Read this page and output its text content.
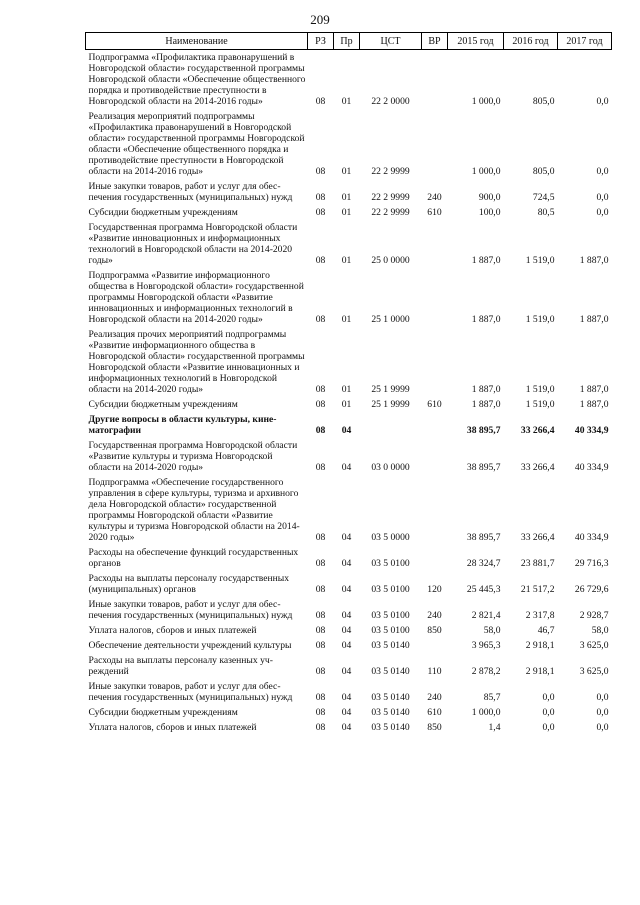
209
Наименование	РЗ	Пр	ЦСТ	ВР	2015 год	2016 год	2017 год
Подпрограмма «Профилактика правонарушений в Новгородской области» государственной программы Новгородской области «Обеспечение общественного порядка и противодействие преступности в Новгородской области на 2014-2016 годы»	08	01	22 2 0000		1 000,0	805,0	0,0
Реализация мероприятий подпрограммы «Профилактика правонарушений в Новгородской области» государственной программы Новгородской области «Обеспечение общественного порядка и противодействие преступности в Новгородской области на 2014-2016 годы»	08	01	22 2 9999		1 000,0	805,0	0,0
Иные закупки товаров, работ и услуг для обеспечения государственных (муниципальных) нужд	08	01	22 2 9999	240	900,0	724,5	0,0
Субсидии бюджетным учреждениям	08	01	22 2 9999	610	100,0	80,5	0,0
Государственная программа Новгородской области «Развитие инновационных и информационных технологий в Новгородской области на 2014-2020 годы»	08	01	25 0 0000		1 887,0	1 519,0	1 887,0
Подпрограмма «Развитие информационного общества в Новгородской области» государственной программы Новгородской области «Развитие инновационных и информационных технологий в Новгородской области на 2014-2020 годы»	08	01	25 1 0000		1 887,0	1 519,0	1 887,0
Реализация прочих мероприятий подпрограммы «Развитие информационного общества в Новгородской области» государственной программы Новгородской области «Развитие инновационных и информационных технологий в Новгородской области на 2014-2020 годы»	08	01	25 1 9999		1 887,0	1 519,0	1 887,0
Субсидии бюджетным учреждениям	08	01	25 1 9999	610	1 887,0	1 519,0	1 887,0
Другие вопросы в области культуры, кинематографии	08	04			38 895,7	33 266,4	40 334,9
Государственная программа Новгородской области «Развитие культуры и туризма Новгородской области на 2014-2020 годы»	08	04	03 0 0000		38 895,7	33 266,4	40 334,9
Подпрограмма «Обеспечение государственного управления в сфере культуры, туризма и архивного дела Новгородской области» государственной программы Новгородской области «Развитие культуры и туризма Новгородской области на 2014-2020 годы»	08	04	03 5 0000		38 895,7	33 266,4	40 334,9
Расходы на обеспечение функций государственных органов	08	04	03 5 0100		28 324,7	23 881,7	29 716,3
Расходы на выплаты персоналу государственных (муниципальных) органов	08	04	03 5 0100	120	25 445,3	21 517,2	26 729,6
Иные закупки товаров, работ и услуг для обеспечения государственных (муниципальных) нужд	08	04	03 5 0100	240	2 821,4	2 317,8	2 928,7
Уплата налогов, сборов и иных платежей	08	04	03 5 0100	850	58,0	46,7	58,0
Обеспечение деятельности учреждений культуры	08	04	03 5 0140		3 965,3	2 918,1	3 625,0
Расходы на выплаты персоналу казенных учреждений	08	04	03 5 0140	110	2 878,2	2 918,1	3 625,0
Иные закупки товаров, работ и услуг для обеспечения государственных (муниципальных) нужд	08	04	03 5 0140	240	85,7	0,0	0,0
Субсидии бюджетным учреждениям	08	04	03 5 0140	610	1 000,0	0,0	0,0
Уплата налогов, сборов и иных платежей	08	04	03 5 0140	850	1,4	0,0	0,0
